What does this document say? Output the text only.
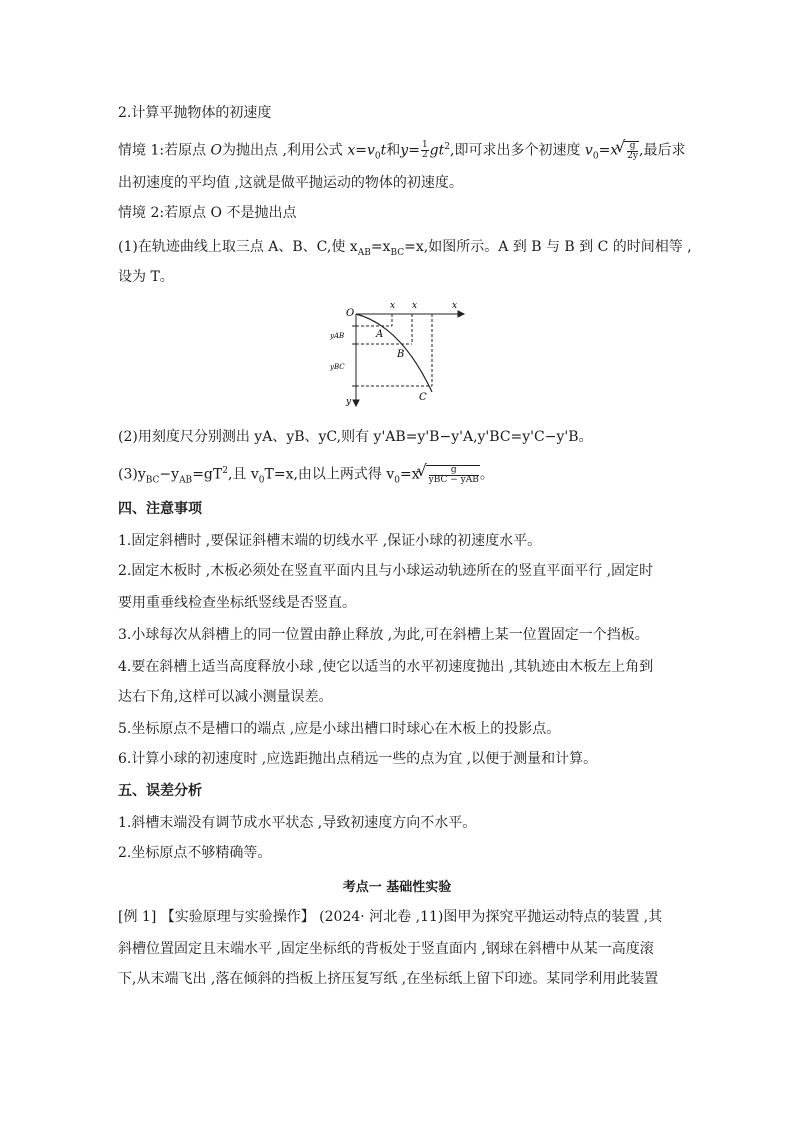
2.计算平抛物体的初速度
情境 1:若原点 O为抛出点 ,利用公式 $x=v_0t$和$y= \frac{1}{2} gt^2$,即可求出多个初速度 $v_0=x$ √ $\frac{g}{2y}$ ,最后求
出初速度的平均值 ,这就是做平抛运动的物体的初速度。
情境 2:若原点 O 不是抛出点
(1)在轨迹曲线上取三点 A、B、C,使 $x_{AB}=x_{BC}=x$,如图所示。A 到 B 与 B 到 C 的时间相等 ,
设为 T。
O
x
y
x x
A
B
C
yAB
yBC
(2)用刻度尺分别测出 yA、yB、yC,则有 y'AB=y'B−y'A,y'BC=y'C−y'B。
$(3)y_{BC}-y_{AB}=gT^2$,且 $v_0T=x$,由以上两式得 $v_0=x$ √ $\frac{g}{\text{yBC − yAB}}$ 。
四、注意事项
1.固定斜槽时 ,要保证斜槽末端的切线水平 ,保证小球的初速度水平。
2.固定木板时 ,木板必须处在竖直平面内且与小球运动轨迹所在的竖直平面平行 ,固定时
要用重垂线检查坐标纸竖线是否竖直。
3.小球每次从斜槽上的同一位置由静止释放 ,为此,可在斜槽上某一位置固定一个挡板。
4.要在斜槽上适当高度释放小球 ,使它以适当的水平初速度抛出 ,其轨迹由木板左上角到
达右下角,这样可以减小测量误差。
5.坐标原点不是槽口的端点 ,应是小球出槽口时球心在木板上的投影点。
6.计算小球的初速度时 ,应选距抛出点稍远一些的点为宜 ,以便于测量和计算。
五、误差分析
1.斜槽末端没有调节成水平状态 ,导致初速度方向不水平。
2.坐标原点不够精确等。
考点一 基础性实验
[例 1] 【实验原理与实验操作】 (2024· 河北卷 ,11)图甲为探究平抛运动特点的装置 ,其
斜槽位置固定且末端水平 ,固定坐标纸的背板处于竖直面内 ,钢球在斜槽中从某一高度滚
下,从末端飞出 ,落在倾斜的挡板上挤压复写纸 ,在坐标纸上留下印迹。某同学利用此装置
